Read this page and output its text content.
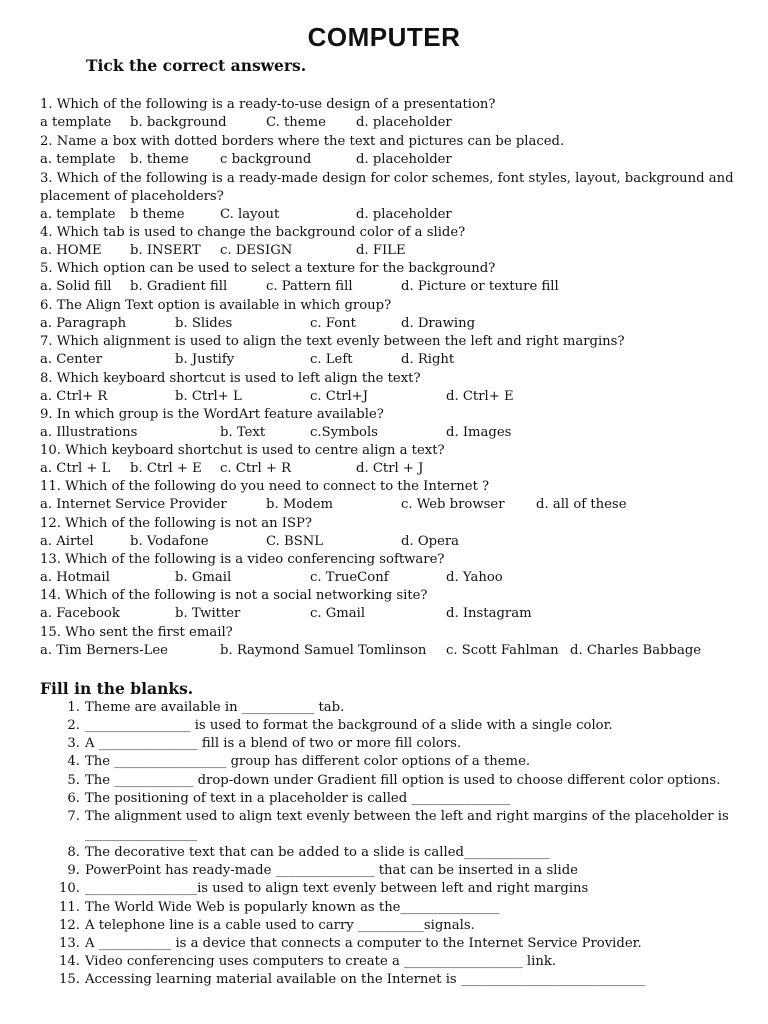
COMPUTER
Tick the correct answers.
1. Which of the following is a ready-to-use design of a presentation?
a template b. background	C. theme d. placeholder
2. Name a box with dotted borders where the text and pictures can be placed.
a. template b. theme c background	d. placeholder
3. Which of the following is a ready-made design for color schemes, font styles, layout, background and
placement of placeholders?
a. template b theme	C. layout	d. placeholder
4. Which tab is used to change the background color of a slide?
a. HOME b. INSERT c. DESIGN	d. FILE
5. Which option can be used to select a texture for the background?
a. Solid fill b. Gradient fill	c. Pattern fill	d. Picture or texture fill
6. The Align Text option is available in which group?
a. Paragraph	b. Slides	c. Font	d. Drawing
7. Which alignment is used to align the text evenly between the left and right margins?
a. Center	b. Justify	c. Left	d. Right
8. Which keyboard shortcut is used to left align the text?
a. Ctrl+ R	b. Ctrl+ L	c. Ctrl+J	d. Ctrl+ E
9. In which group is the WordArt feature available?
a. Illustrations	b. Text	c.Symbols	d. Images
10. Which keyboard shortchut is used to centre align a text?
a. Ctrl + L b. Ctrl + E c. Ctrl + R	d. Ctrl + J
11. Which of the following do you need to connect to the Internet ?
a. Internet Service Provider	b. Modem	c. Web browser d. all of these
12. Which of the following is not an ISP?
a. Airtel	b. Vodafone	C. BSNL	d. Opera
13. Which of the following is a video conferencing software?
a. Hotmail	b. Gmail	c. TrueConf	d. Yahoo
14. Which of the following is not a social networking site?
a. Facebook	b. Twitter	c. Gmail	d. Instagram
15. Who sent the first email?
a. Tim Berners-Lee	b. Raymond Samuel Tomlinson c. Scott Fahlman d. Charles Babbage
Fill in the blanks.
1. Theme are available in ___________ tab.
2. ________________ is used to format the background of a slide with a single color.
3. A _______________ fill is a blend of two or more fill colors.
4. The _________________ group has different color options of a theme.
5. The ____________ drop-down under Gradient fill option is used to choose different color options.
6. The positioning of text in a placeholder is called _______________
7. The alignment used to align text evenly between the left and right margins of the placeholder is
_________________
8. The decorative text that can be added to a slide is called_____________
9. PowerPoint has ready-made _______________ that can be inserted in a slide
10. _________________is used to align text evenly between left and right margins
11. The World Wide Web is popularly known as the_______________
12. A telephone line is a cable used to carry __________signals.
13. A ___________ is a device that connects a computer to the Internet Service Provider.
14. Video conferencing uses computers to create a __________________ link.
15. Accessing learning material available on the Internet is ____________________________
